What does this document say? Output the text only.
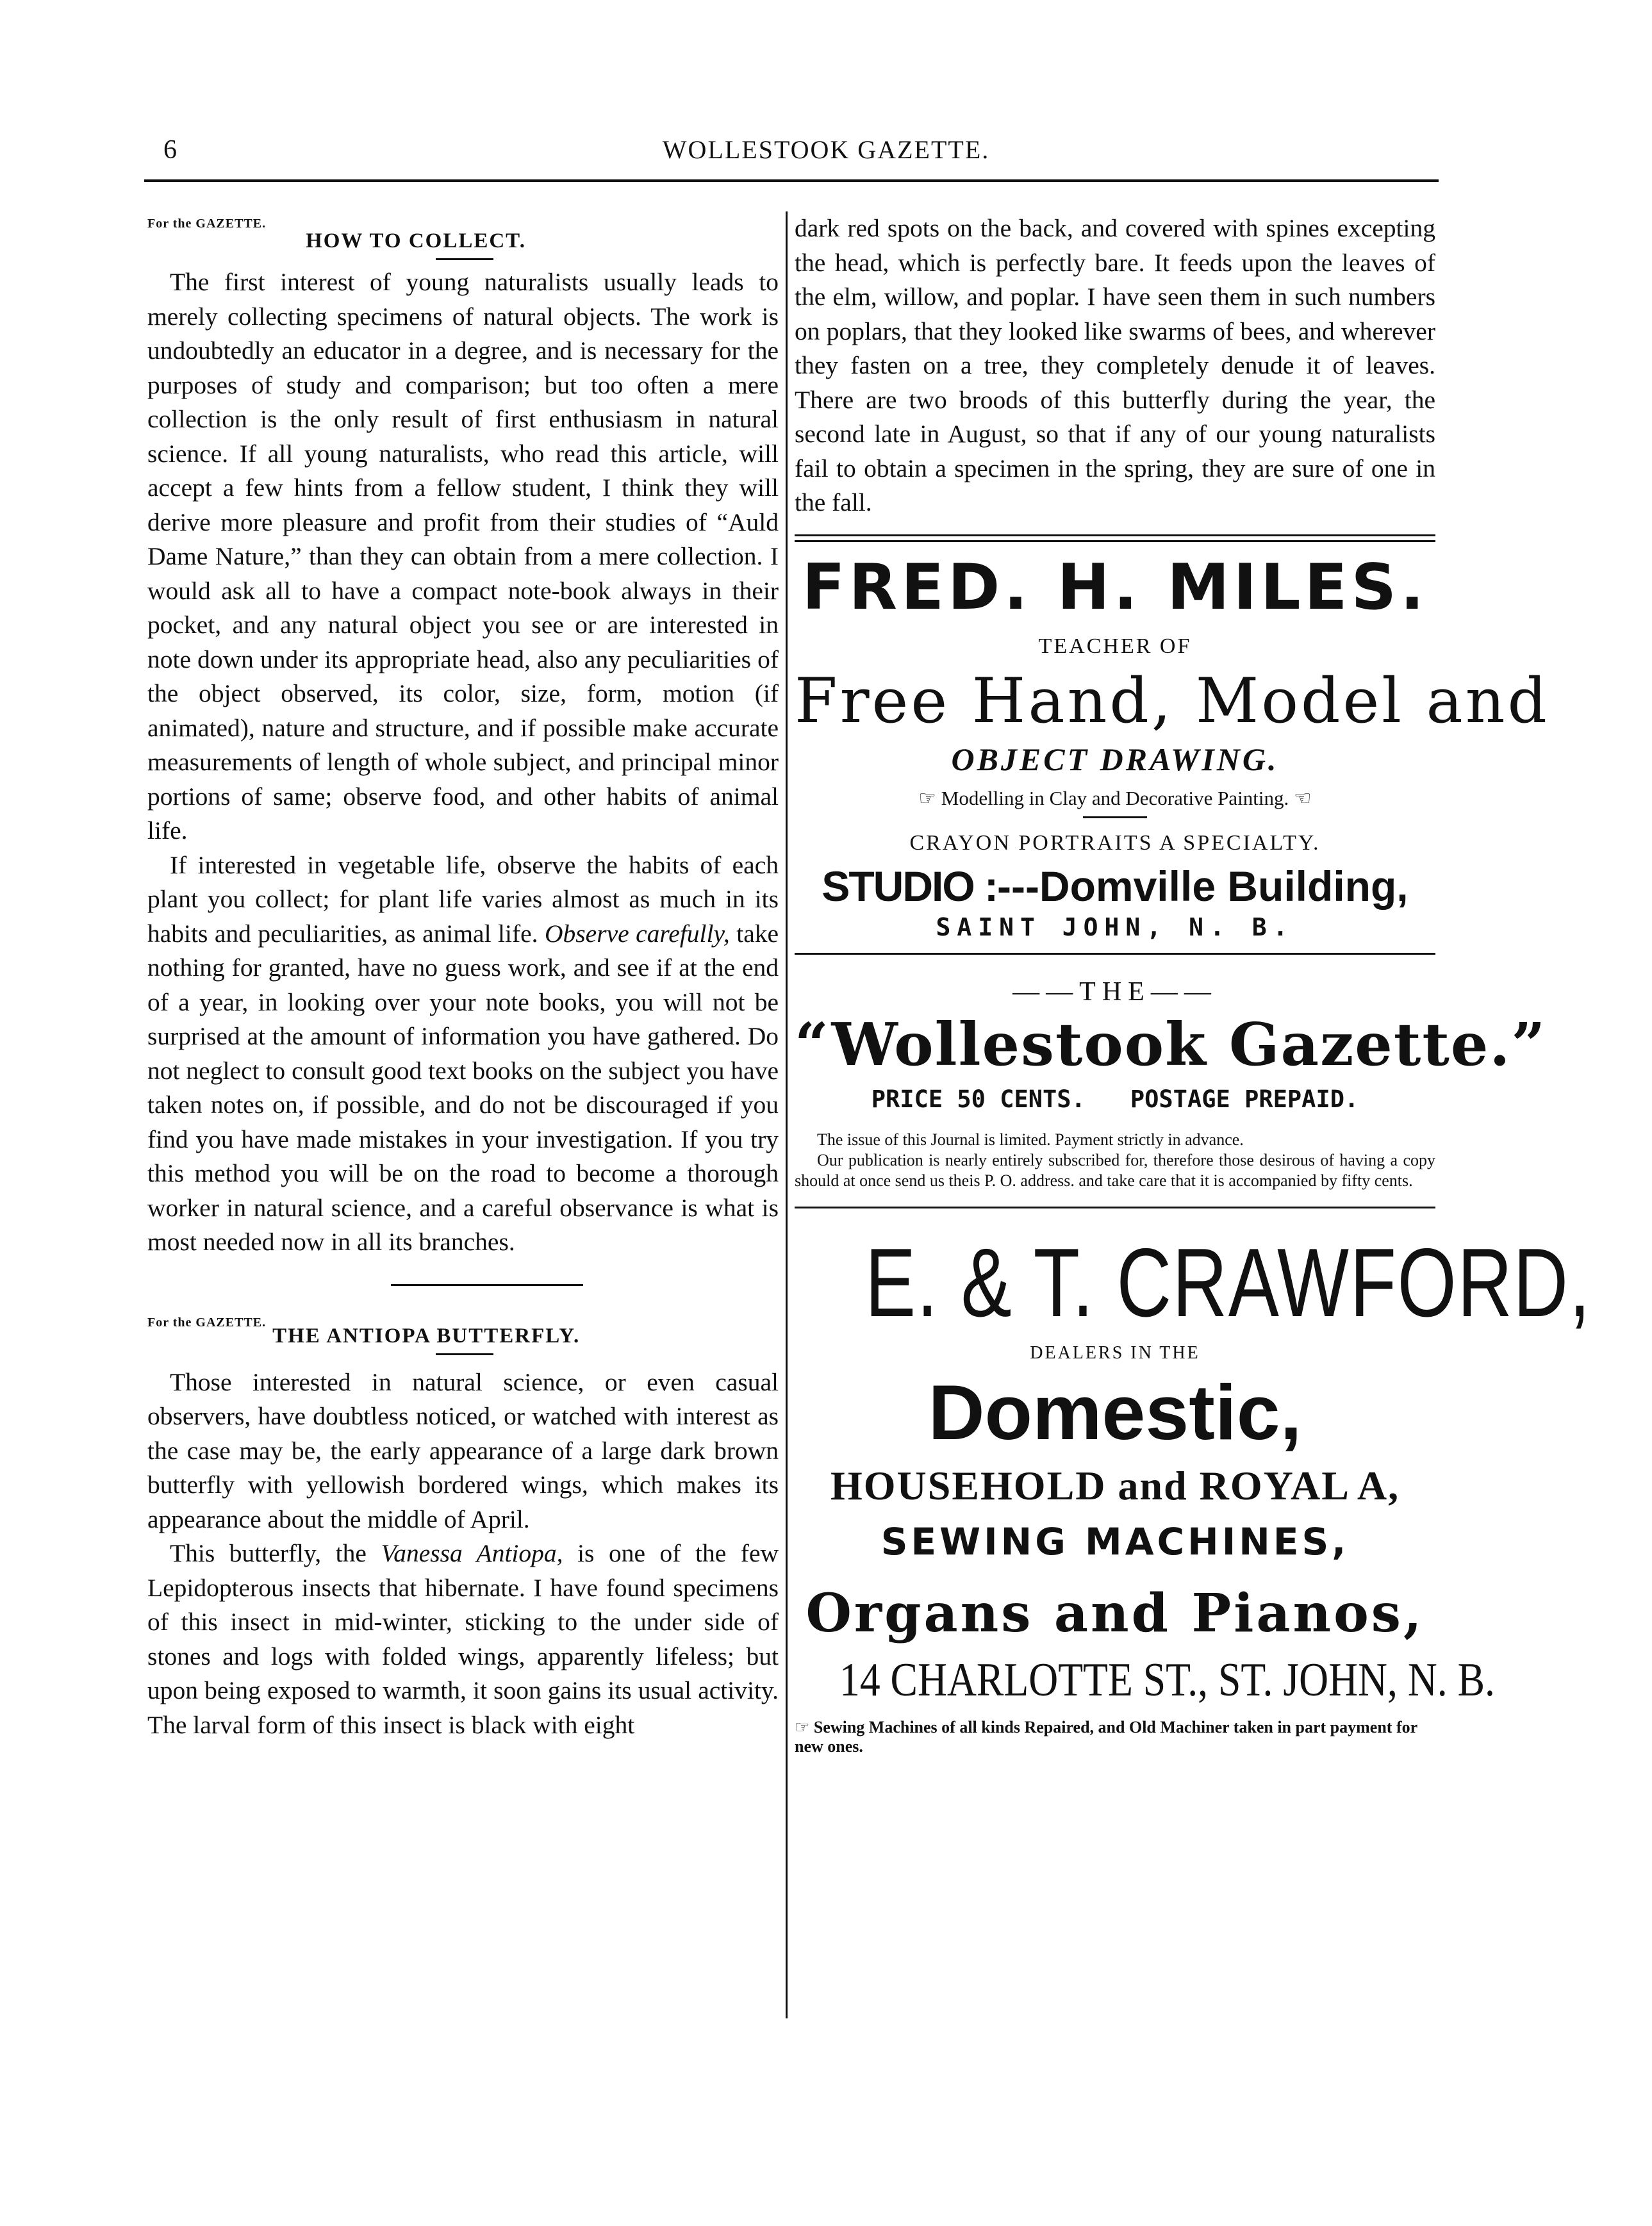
6	WOLLESTOOK GAZETTE.
For the GAZETTE.
HOW TO COLLECT.

The first interest of young naturalists usually leads to merely collecting specimens of natural objects. The work is undoubtedly an educator in a degree, and is necessary for the purposes of study and comparison; but too often a mere collection is the only result of first enthusiasm in natural science. If all young naturalists, who read this article, will accept a few hints from a fellow student, I think they will derive more pleasure and profit from their studies of “Auld Dame Nature,” than they can obtain from a mere collection. I would ask all to have a compact note-book always in their pocket, and any natural object you see or are interested in note down under its appropriate head, also any peculiarities of the object observed, its color, size, form, motion (if animated), nature and structure, and if possible make accurate measurements of length of whole subject, and principal minor portions of same; observe food, and other habits of animal life.

If interested in vegetable life, observe the habits of each plant you collect; for plant life varies almost as much in its habits and peculiarities, as animal life. Observe carefully, take nothing for granted, have no guess work, and see if at the end of a year, in looking over your note books, you will not be surprised at the amount of information you have gathered. Do not neglect to consult good text books on the subject you have taken notes on, if possible, and do not be discouraged if you find you have made mistakes in your investigation. If you try this method you will be on the road to become a thorough worker in natural science, and a careful observance is what is most needed now in all its branches.

For the GAZETTE.
THE ANTIOPA BUTTERFLY.

Those interested in natural science, or even casual observers, have doubtless noticed, or watched with interest as the case may be, the early appearance of a large dark brown butterfly with yellowish bordered wings, which makes its appearance about the middle of April.

This butterfly, the Vanessa Antiopa, is one of the few Lepidopterous insects that hibernate. I have found specimens of this insect in mid-winter, sticking to the under side of stones and logs with folded wings, apparently lifeless; but upon being exposed to warmth, it soon gains its usual activity. The larval form of this insect is black with eight

dark red spots on the back, and covered with spines excepting the head, which is perfectly bare. It feeds upon the leaves of the elm, willow, and poplar. I have seen them in such numbers on poplars, that they looked like swarms of bees, and wherever they fasten on a tree, they completely denude it of leaves. There are two broods of this butterfly during the year, the second late in August, so that if any of our young naturalists fail to obtain a specimen in the spring, they are sure of one in the fall.

FRED. H. MILES.
TEACHER OF
Free Hand, Model and
OBJECT DRAWING.
☞ Modelling in Clay and Decorative Painting. ☜
CRAYON PORTRAITS A SPECIALTY.
STUDIO :---Domville Building,
SAINT JOHN, N. B.
——THE——
“Wollestook Gazette.”
PRICE 50 CENTS. POSTAGE PREPAID.

The issue of this Journal is limited. Payment strictly in advance.

Our publication is nearly entirely subscribed for, therefore those desirous of having a copy should at once send us theis P. O. address. and take care that it is accompanied by fifty cents.

E. & T. CRAWFORD,
DEALERS IN THE
Domestic,
HOUSEHOLD and ROYAL A,
SEWING MACHINES,
Organs and Pianos,
14 CHARLOTTE ST., ST. JOHN, N. B.

☞ Sewing Machines of all kinds Repaired, and Old Machiner taken in part payment for new ones.
